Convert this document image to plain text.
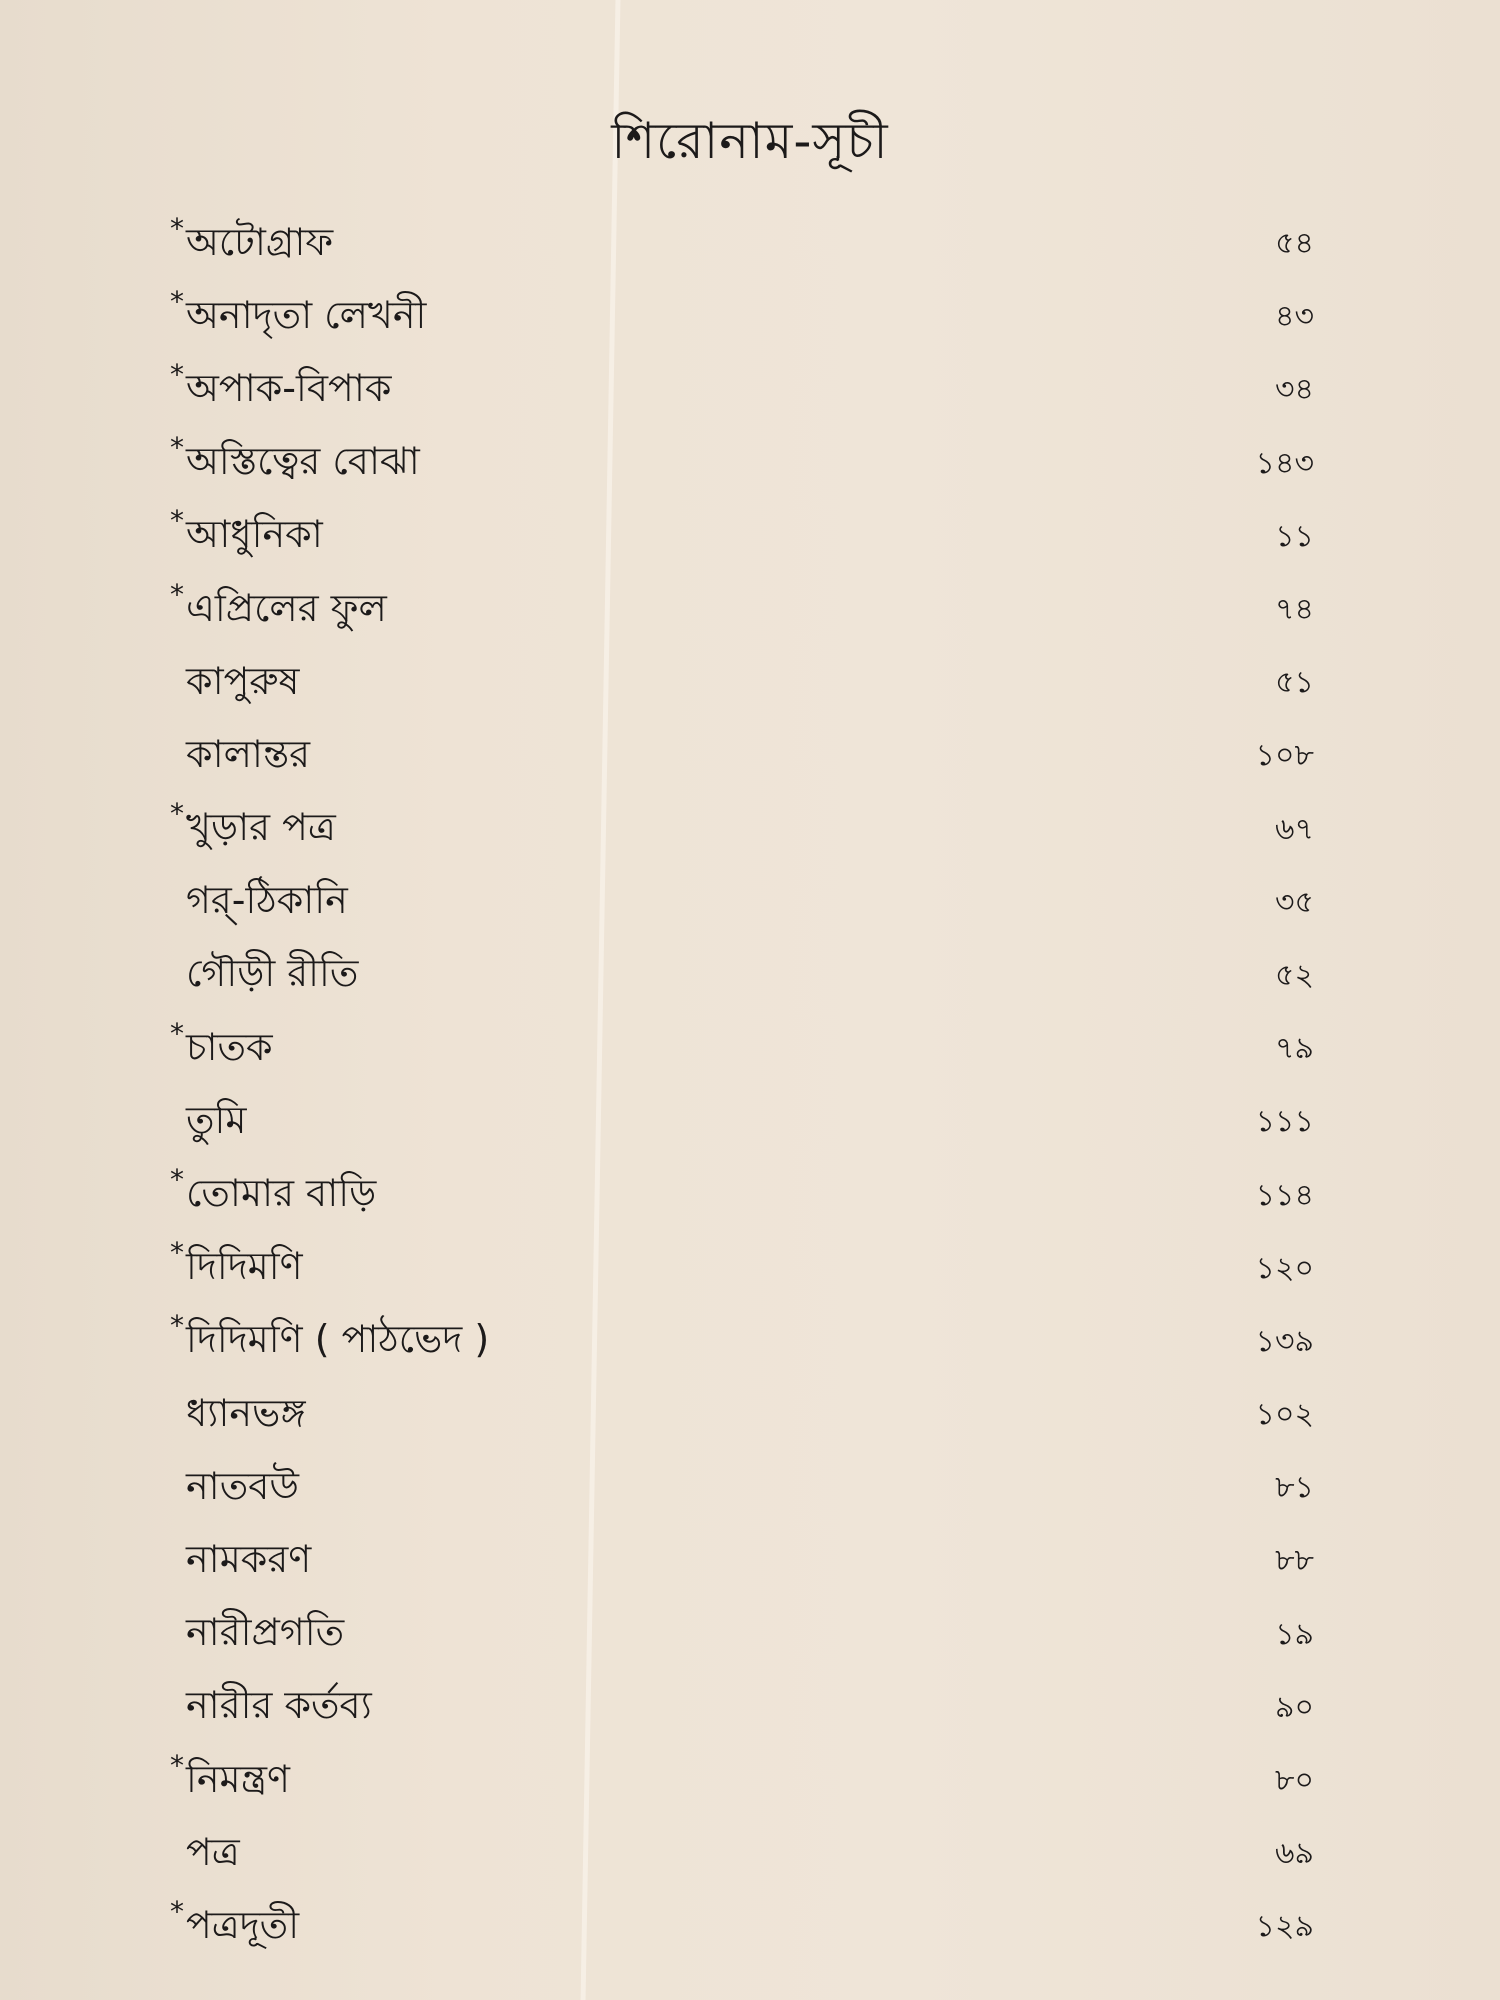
শিরোনাম-সূচী
* অটোগ্রাফ	৫৪
* অনাদৃতা লেখনী	৪৩
* অপাক-বিপাক	৩৪
* অস্তিত্বের বোঝা	১৪৩
* আধুনিকা	১১
* এপ্রিলের ফুল	৭৪
কাপুরুষ	৫১
কালান্তর	১০৮
* খুড়ার পত্র	৬৭
গর্-ঠিকানি	৩৫
গৌড়ী রীতি	৫২
* চাতক	৭৯
তুমি	১১১
* তোমার বাড়ি	১১৪
* দিদিমণি	১২০
* দিদিমণি ( পাঠভেদ )	১৩৯
ধ্যানভঙ্গ	১০২
নাতবউ	৮১
নামকরণ	৮৮
নারীপ্রগতি	১৯
নারীর কর্তব্য	৯০
* নিমন্ত্রণ	৮০
পত্র	৬৯
* পত্রদূতী	১২৯
